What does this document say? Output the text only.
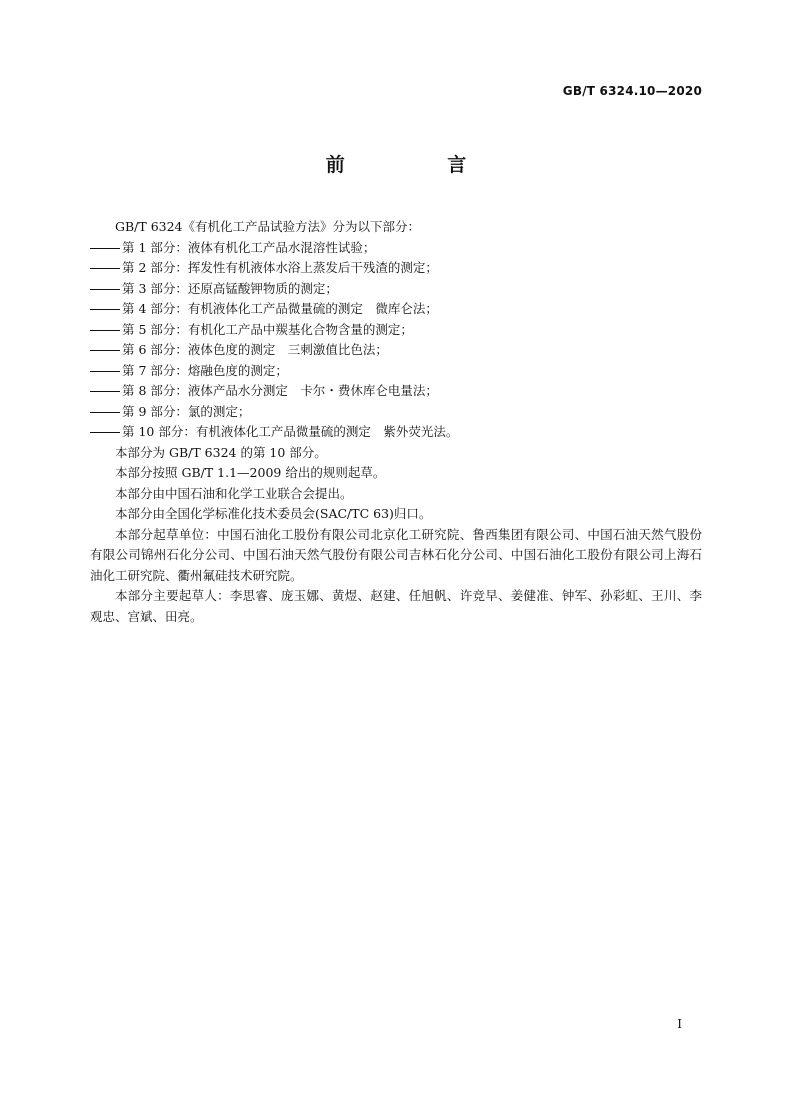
GB/T 6324.10—2020
前 言

GB/T 6324《有机化工产品试验方法》分为以下部分：

第 1 部分：液体有机化工产品水混溶性试验；

第 2 部分：挥发性有机液体水浴上蒸发后干残渣的测定；

第 3 部分：还原高锰酸钾物质的测定；

第 4 部分：有机液体化工产品微量硫的测定　微库仑法；

第 5 部分：有机化工产品中羰基化合物含量的测定；

第 6 部分：液体色度的测定　三刺激值比色法；

第 7 部分：熔融色度的测定；

第 8 部分：液体产品水分测定　卡尔・费休库仑电量法；

第 9 部分：氯的测定；

第 10 部分：有机液体化工产品微量硫的测定　紫外荧光法。

本部分为 GB/T 6324 的第 10 部分。

本部分按照 GB/T 1.1—2009 给出的规则起草。

本部分由中国石油和化学工业联合会提出。

本部分由全国化学标准化技术委员会(SAC/TC 63)归口。

本部分起草单位：中国石油化工股份有限公司北京化工研究院、鲁西集团有限公司、中国石油天然气股份有限公司锦州石化分公司、中国石油天然气股份有限公司吉林石化分公司、中国石油化工股份有限公司上海石油化工研究院、衢州氟硅技术研究院。

本部分主要起草人：李思睿、庞玉娜、黄煜、赵建、任旭帆、许竞早、姜健准、钟军、孙彩虹、王川、李观忠、宫斌、田亮。

I
